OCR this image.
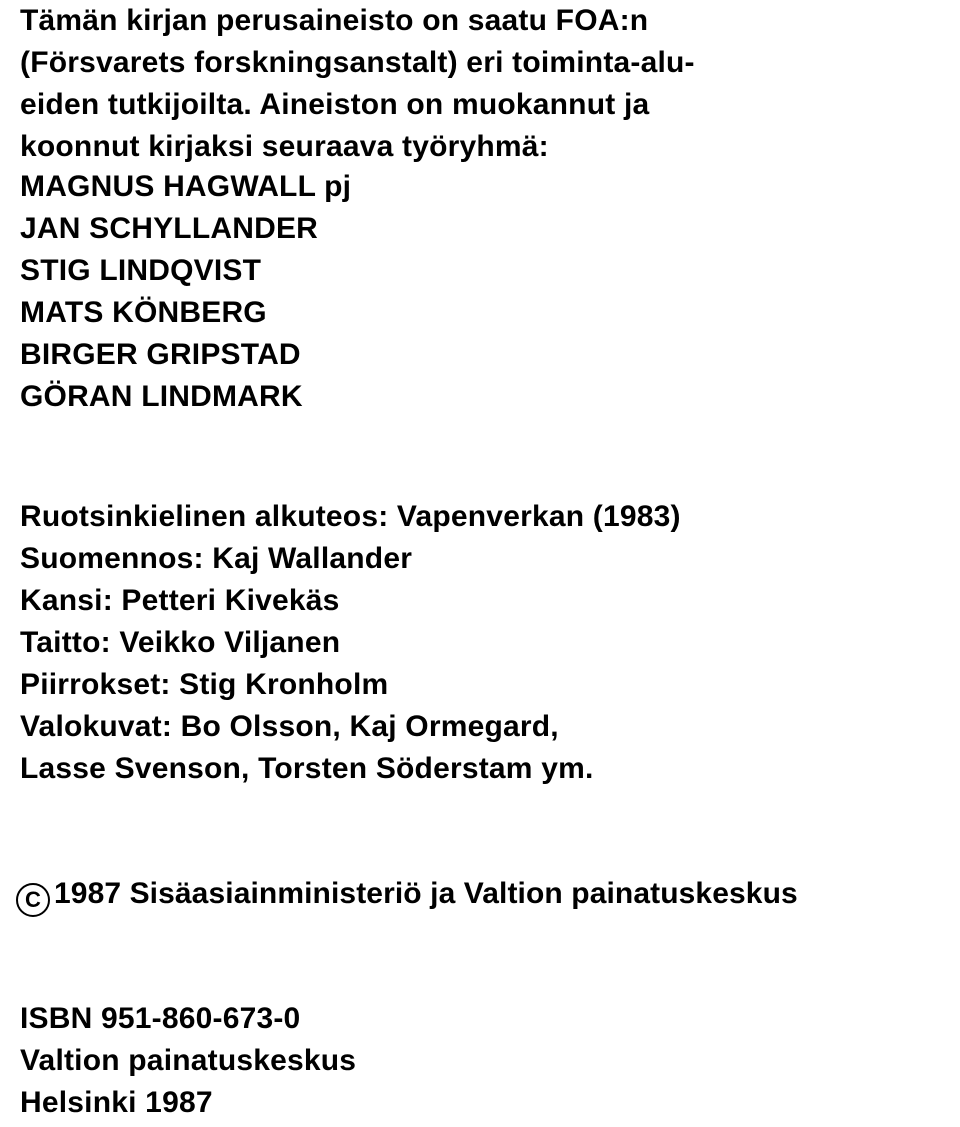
Tämän kirjan perusaineisto on saatu FOA:n
(Försvarets forskningsanstalt) eri toiminta-alu-
eiden tutkijoilta. Aineiston on muokannut ja
koonnut kirjaksi seuraava työryhmä:
MAGNUS HAGWALL pj
JAN SCHYLLANDER
STIG LINDQVIST
MATS KÖNBERG
BIRGER GRIPSTAD
GÖRAN LINDMARK
Ruotsinkielinen alkuteos: Vapenverkan (1983)
Suomennos: Kaj Wallander
Kansi: Petteri Kivekäs
Taitto: Veikko Viljanen
Piirrokset: Stig Kronholm
Valokuvat: Bo Olsson, Kaj Ormegard,
Lasse Svenson, Torsten Söderstam ym.
C 1987 Sisäasiainministeriö ja Valtion painatuskeskus
ISBN 951-860-673-0
Valtion painatuskeskus
Helsinki 1987
